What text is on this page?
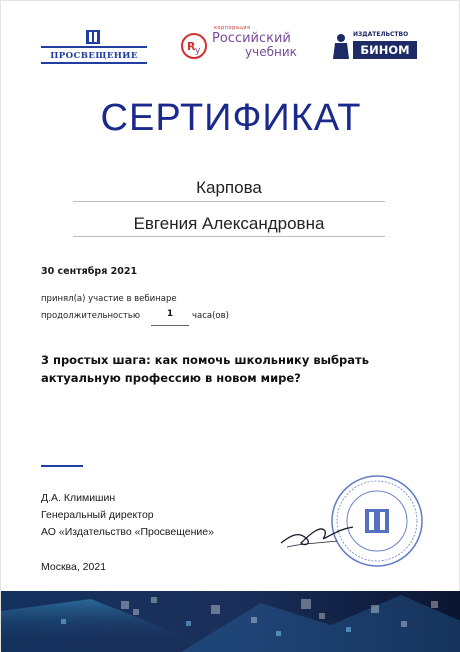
ПРОСВЕЩЕНИЕ
R y
корпорация
Российский
учебник
ИЗДАТЕЛЬСТВО
БИНОМ
СЕРТИФИКАТ
Карпова
Евгения Александровна
30 сентября 2021
принял(а) участие в вебинаре
продолжительностью	1	часа(ов)
3 простых шага: как помочь школьнику выбрать актуальную профессию в новом мире?
Д.А. Климишин
Генеральный директор
АО «Издательство «Просвещение»
Москва, 2021
